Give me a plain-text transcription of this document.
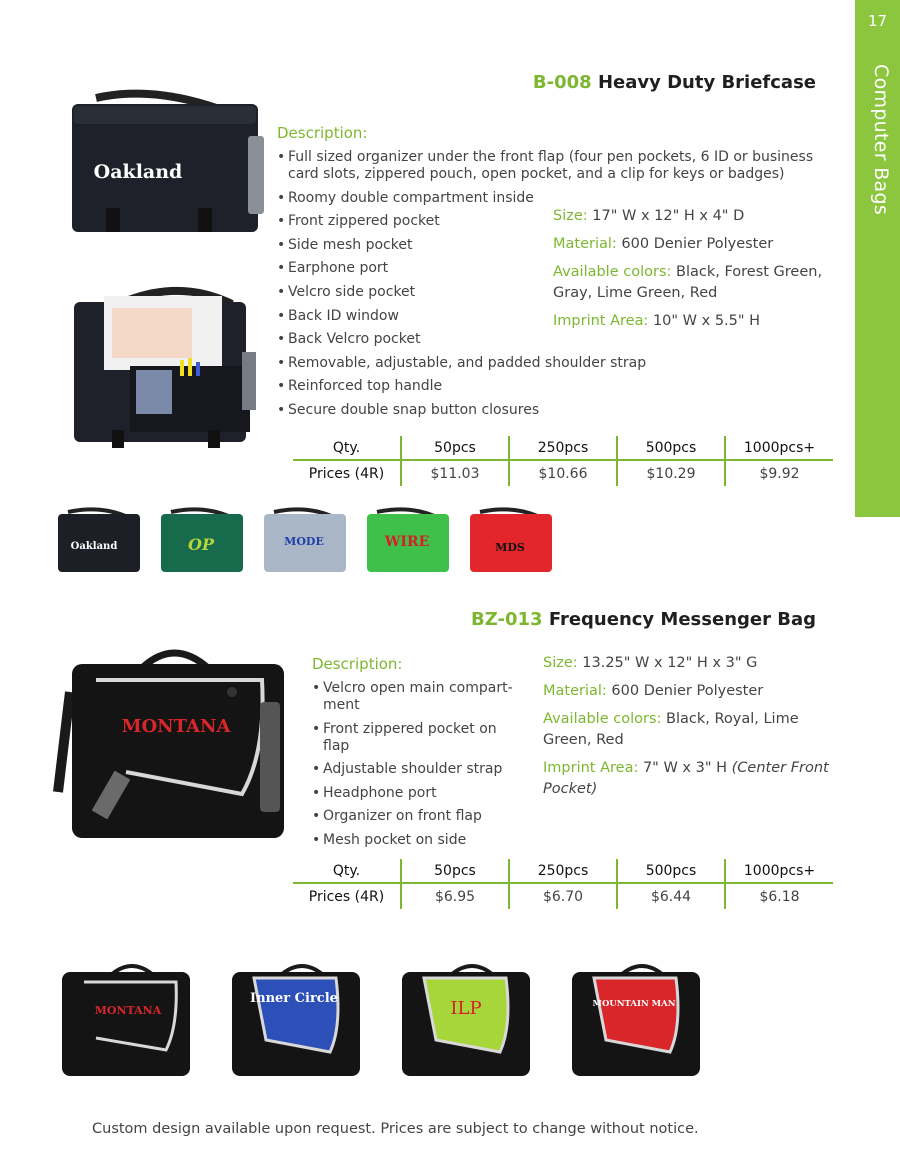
17
Computer Bags
B-008 Heavy Duty Briefcase
Oakland
Description:
• Full sized organizer under the front flap (four pen pockets, 6 ID or business card slots, zippered pouch, open pocket, and a clip for keys or badges)
• Roomy double compartment inside
• Front zippered pocket
• Side mesh pocket
• Earphone port
• Velcro side pocket
• Back ID window
• Back Velcro pocket
• Removable, adjustable, and padded shoulder strap
• Reinforced top handle
• Secure double snap button closures
Size: 17" W x 12" H x 4" D
Material: 600 Denier Polyester
Available colors: Black, Forest Green, Gray, Lime Green, Red
Imprint Area: 10" W x 5.5" H
Qty.	50pcs	250pcs	500pcs	1000pcs+
Prices (4R)	$11.03	$10.66	$10.29	$9.92
Oakland	OP	MODE	WIRE	MDS
BZ-013 Frequency Messenger Bag
MONTANA
Description:
• Velcro open main compart- ment
• Front zippered pocket on flap
• Adjustable shoulder strap
• Headphone port
• Organizer on front flap
• Mesh pocket on side
Size: 13.25" W x 12" H x 3" G
Material: 600 Denier Polyester
Available colors: Black, Royal, Lime Green, Red
Imprint Area: 7" W x 3" H (Center Front Pocket)
Qty.	50pcs	250pcs	500pcs	1000pcs+
Prices (4R)	$6.95	$6.70	$6.44	$6.18
MONTANA
Inner Circle	ILP	MOUNTAIN MAN
Custom design available upon request. Prices are subject to change without notice.
